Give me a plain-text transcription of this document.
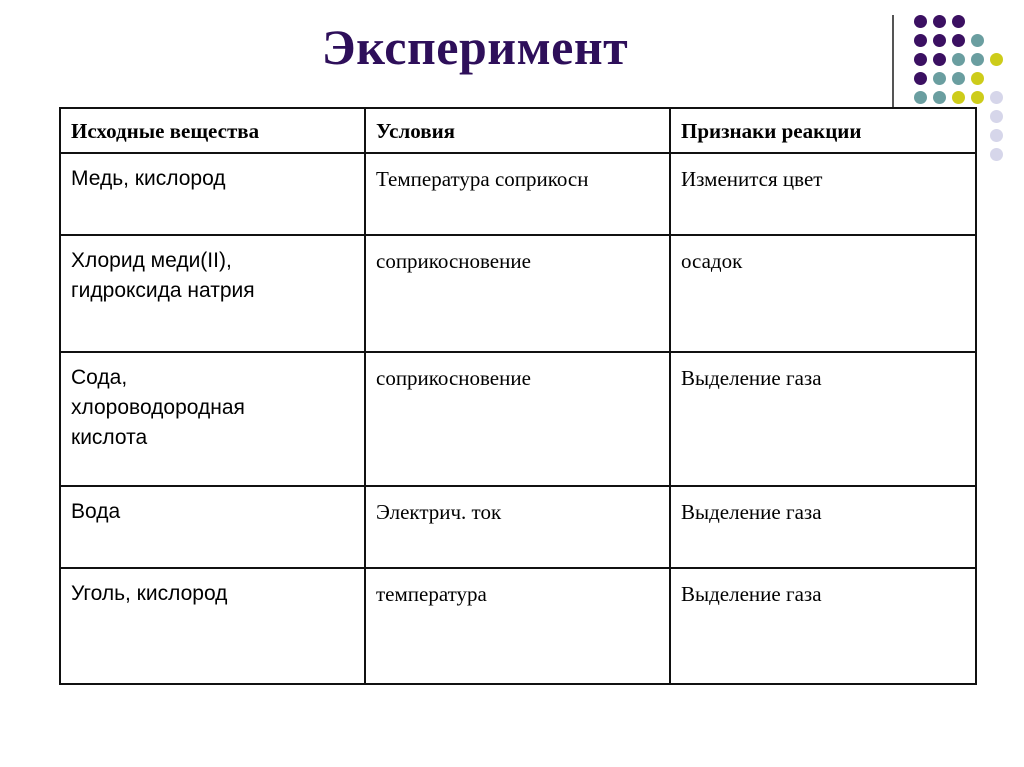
Эксперимент
Исходные вещества	Условия	Признаки реакции
Медь, кислород	Температура соприкосн	Изменится цвет

Хлорид меди(II), гидроксида натрия	соприкосновение	осадок

Сода, хлороводородная кислота	соприкосновение	Выделение газа
Вода	Электрич. ток	Выделение газа
Уголь, кислород	температура	Выделение газа
